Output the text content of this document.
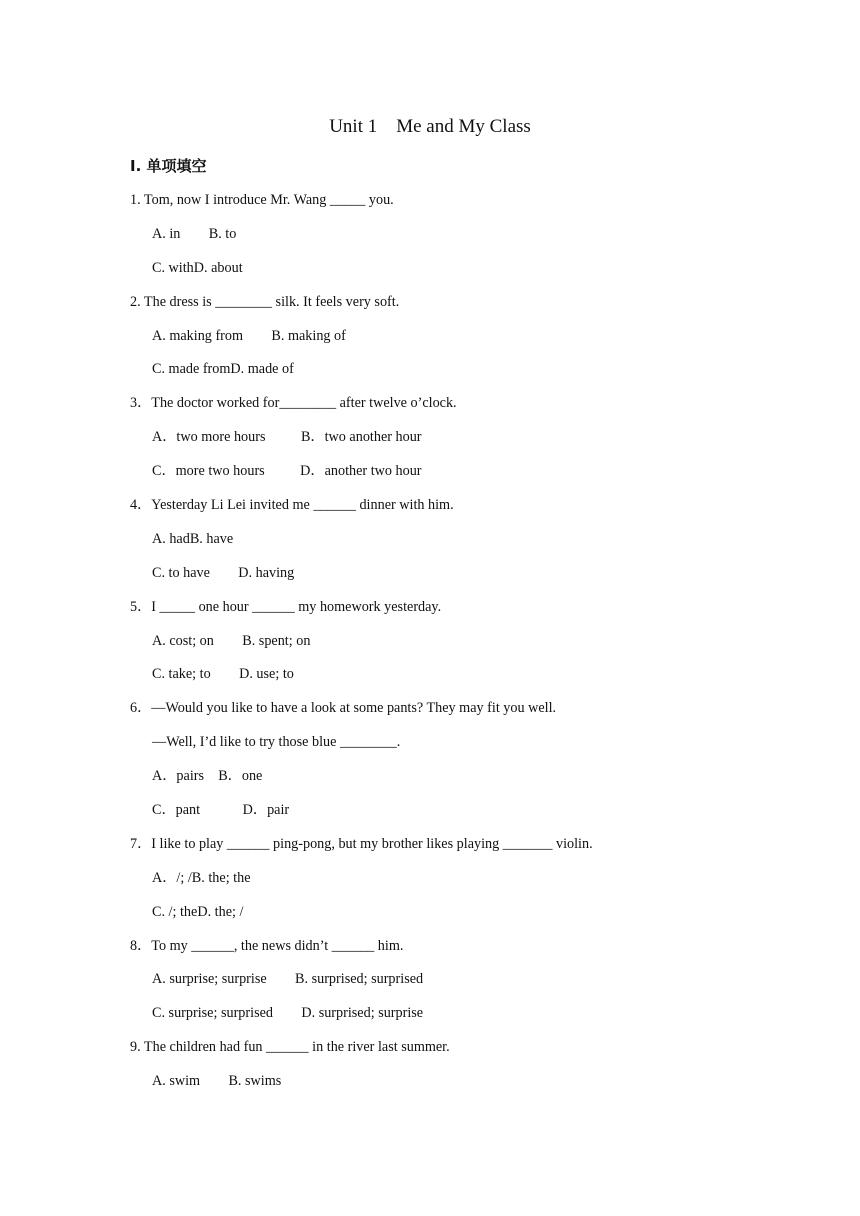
Unit 1    Me and My Class
I. 单项填空
1. Tom, now I introduce Mr. Wang _____ you.
A. in        B. to
C. withD. about
2. The dress is ________ silk. It feels very soft.
A. making from        B. making of
C. made fromD. made of
3．The doctor worked for________ after twelve o’clock.
A．two more hours          B．two another hour
C．more two hours          D．another two hour
4．Yesterday Li Lei invited me ______ dinner with him.
A. hadB. have
C. to have        D. having
5．I _____ one hour ______ my homework yesterday.
A. cost; on        B. spent; on
C. take; to        D. use; to
6．—Would you like to have a look at some pants? They may fit you well.
—Well, I’d like to try those blue ________.
A．pairs    B．one
C．pant            D．pair
7．I like to play ______ ping-pong, but my brother likes playing _______ violin.
A．/; /B. the; the
C. /; theD. the; /
8．To my ______, the news didn’t ______ him.
A. surprise; surprise        B. surprised; surprised
C. surprise; surprised        D. surprised; surprise
9. The children had fun ______ in the river last summer.
A. swim        B. swims
